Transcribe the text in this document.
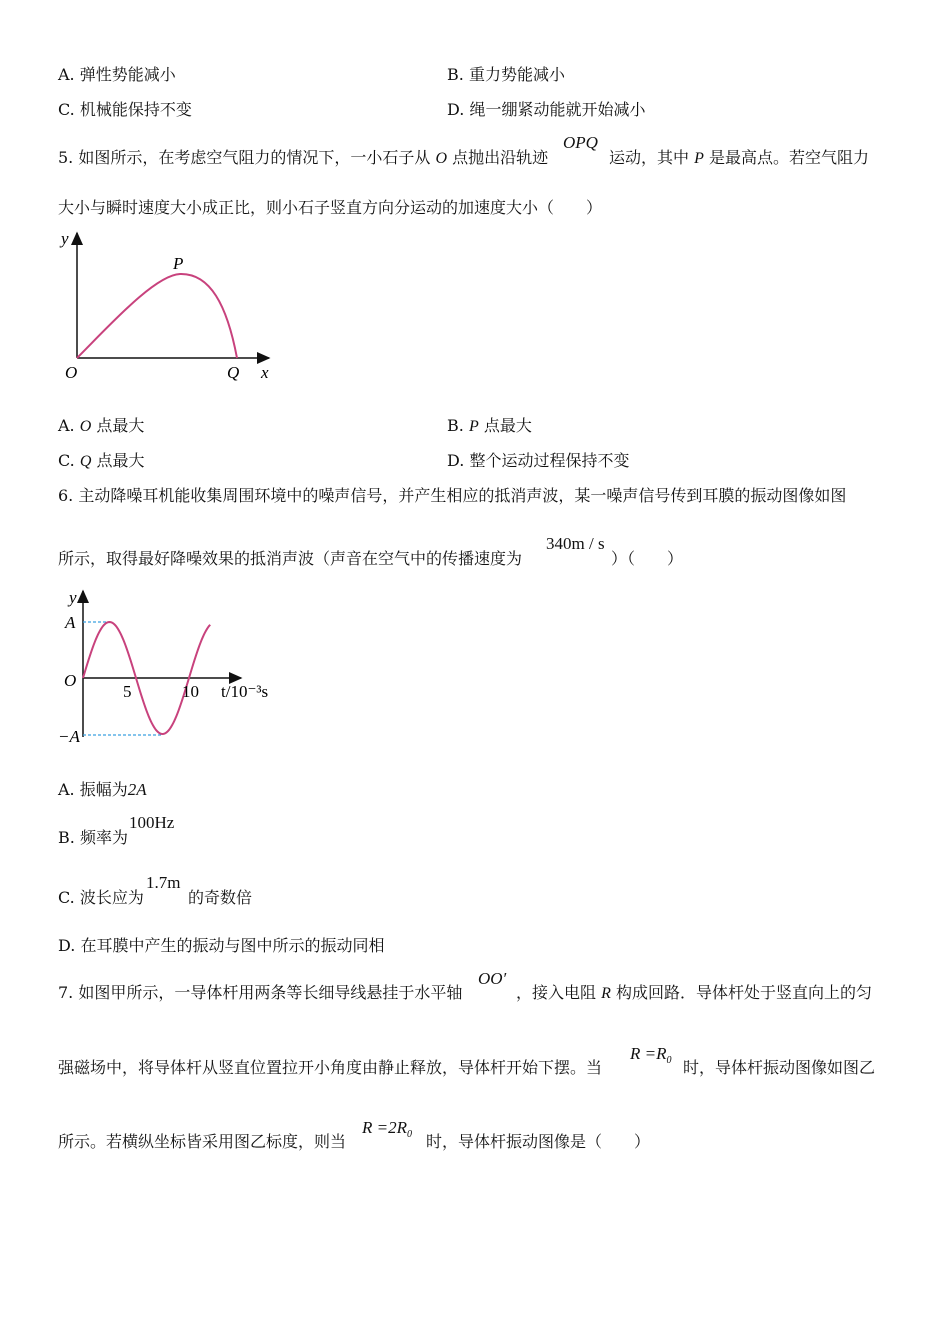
A. 弹性势能减小	B. 重力势能减小
C. 机械能保持不变	D. 绳一绷紧动能就开始减小
5. 如图所示，在考虑空气阻力的情况下，一小石子从 O 点抛出沿轨迹
OPQ
运动，其中 P 是最高点。若空气阻力
大小与瞬时速度大小成正比，则小石子竖直方向分运动的加速度大小（　　）
y
x
O
P
Q
A. O 点最大	B. P 点最大
C. Q 点最大	D. 整个运动过程保持不变
6. 主动降噪耳机能收集周围环境中的噪声信号，并产生相应的抵消声波，某一噪声信号传到耳膜的振动图像如图
所示，取得最好降噪效果的抵消声波（声音在空气中的传播速度为
340m / s
）（　　）
y
A
−A
O
5	10 t/10⁻³s
A. 振幅为2A
B. 频率为
100Hz
C. 波长应为
1.7m
的奇数倍
D. 在耳膜中产生的振动与图中所示的振动同相
7. 如图甲所示，一导体杆用两条等长细导线悬挂于水平轴
OO′
，接入电阻 R 构成回路．导体杆处于竖直向上的匀
强磁场中，将导体杆从竖直位置拉开小角度由静止释放，导体杆开始下摆。当
$R =R_0$ 时，导体杆振动图像如图乙
所示。若横纵坐标皆采用图乙标度，则当
$R =2R_0$ 时，导体杆振动图像是（　　）
